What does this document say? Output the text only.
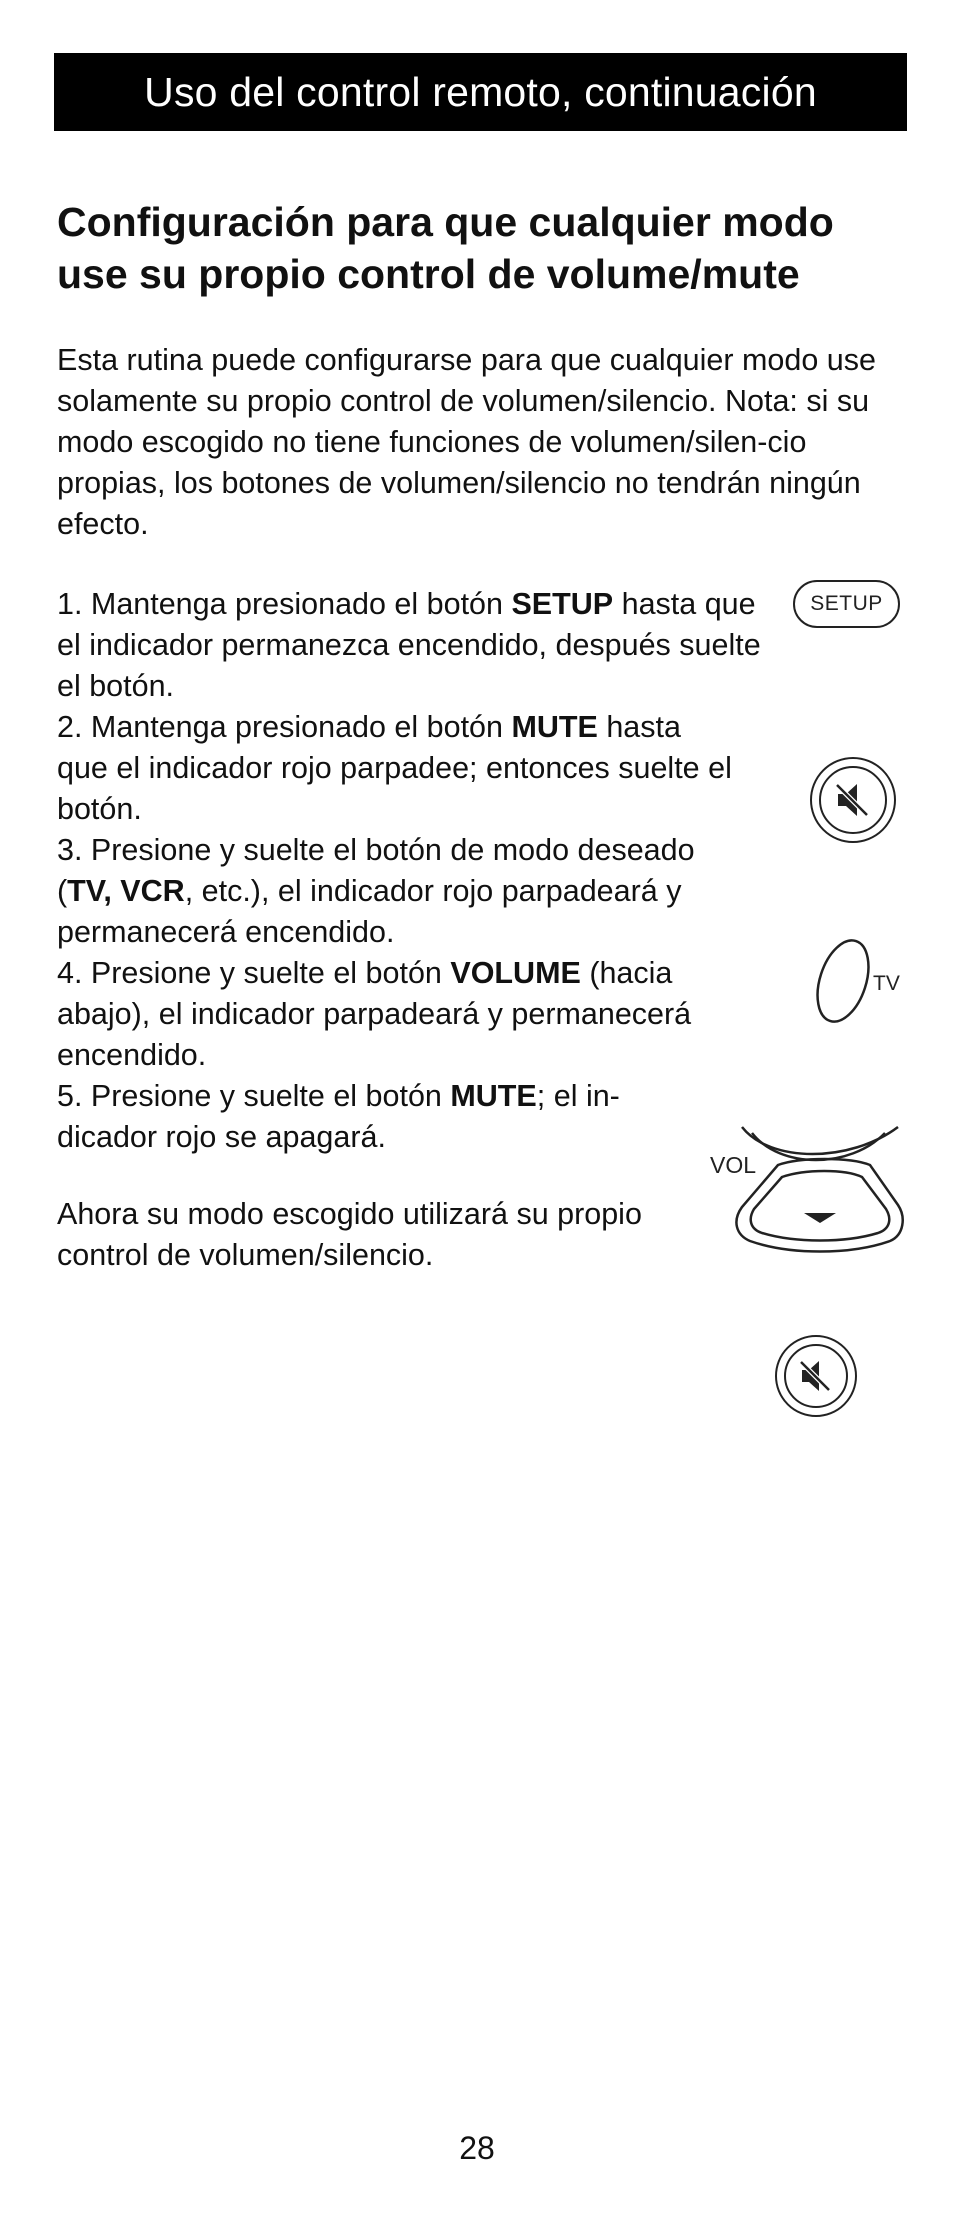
Uso del control remoto, continuación
Configuración para que cualquier modo
use su propio control de volume/mute

Esta rutina puede configurarse para que cualquier modo use solamente su propio control de volumen/silencio. Nota: si su modo escogido no tiene funciones de volumen/silen-cio propias, los botones de volumen/silencio no tendrán ningún efecto.

1. Mantenga presionado el botón SETUP hasta que el indicador permanezca encendido, después suelte el botón.

2. Mantenga presionado el botón MUTE hasta que el indicador rojo parpadee; entonces suelte el botón.

3. Presione y suelte el botón de modo deseado (TV, VCR, etc.), el indicador rojo parpadeará y permanecerá encendido.

4. Presione y suelte el botón VOLUME (hacia abajo), el indicador parpadeará y permanecerá encendido.

5. Presione y suelte el botón MUTE; el in-dicador rojo se apagará.

Ahora su modo escogido utilizará su propio control de volumen/silencio.

SETUP
TV
VOL
28
